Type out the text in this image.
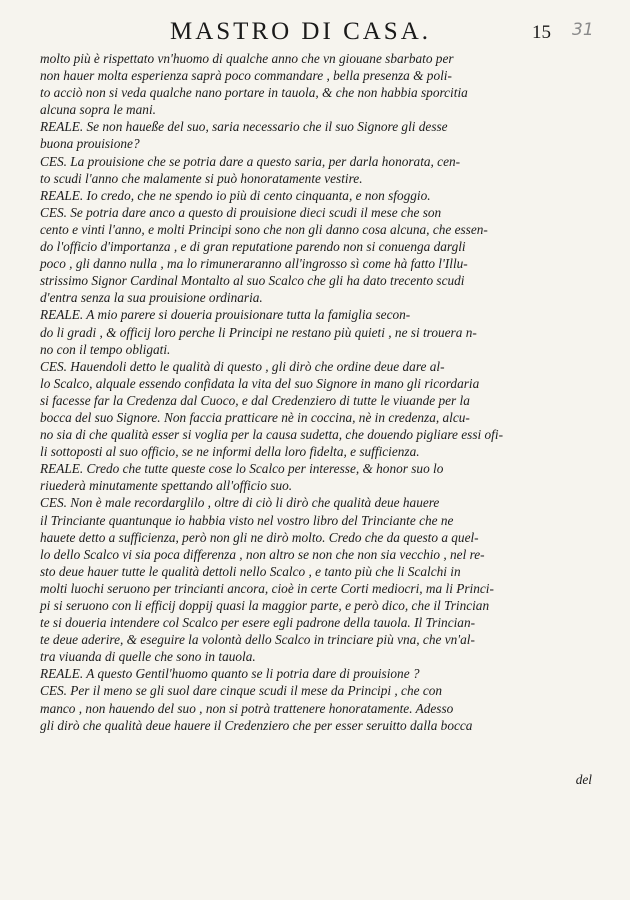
MASTRO DI CASA.	15 31
molto più è rispettato vn'huomo di qualche anno che vn giouane sbarbato per
non hauer molta esperienza saprà poco commandare , bella presenza & poli-
to acciò non si veda qualche nano portare in tauola, & che non habbia sporcitia
alcuna sopra le mani.
REALE. Se non haueße del suo, saria necessario che il suo Signore gli desse
buona prouisione?
CES. La prouisione che se potria dare a questo saria, per darla honorata, cen-
to scudi l'anno che malamente si può honoratamente vestire.
REALE. Io credo, che ne spendo io più di cento cinquanta, e non sfoggio.
CES. Se potria dare anco a questo di prouisione dieci scudi il mese che son
cento e vinti l'anno, e molti Principi sono che non gli danno cosa alcuna, che essen-
do l'officio d'importanza , e di gran reputatione parendo non si conuenga dargli
poco , gli danno nulla , ma lo rimuneraranno all'ingrosso sì come hà fatto l'Illu-
strissimo Signor Cardinal Montalto al suo Scalco che gli ha dato trecento scudi
d'entra senza la sua prouisione ordinaria.
REALE. A mio parere si doueria prouisionare tutta la famiglia secon-
do li gradi , & officij loro perche li Principi ne restano più quieti , ne si trouera n-
no con il tempo obligati.
CES. Hauendoli detto le qualità di questo , gli dirò che ordine deue dare al-
lo Scalco, alquale essendo confidata la vita del suo Signore in mano gli ricordaria
si facesse far la Credenza dal Cuoco, e dal Credenziero di tutte le viuande per la
bocca del suo Signore. Non faccia pratticare nè in coccina, nè in credenza, alcu-
no sia di che qualità esser si voglia per la causa sudetta, che douendo pigliare essi ofi-
li sottoposti al suo officio, se ne informi della loro fidelta, e sufficienza.
REALE. Credo che tutte queste cose lo Scalco per interesse, & honor suo lo
riuederà minutamente spettando all'officio suo.
CES. Non è male recordarglilo , oltre di ciò li dirò che qualità deue hauere
il Trinciante quantunque io habbia visto nel vostro libro del Trinciante che ne
hauete detto a sufficienza, però non gli ne dirò molto. Credo che da questo a quel-
lo dello Scalco vi sia poca differenza , non altro se non che non sia vecchio , nel re-
sto deue hauer tutte le qualità dettoli nello Scalco , e tanto più che li Scalchi in
molti luochi seruono per trincianti ancora, cioè in certe Corti mediocri, ma li Princi-
pi si seruono con li efficij doppij quasi la maggior parte, e però dico, che il Trincian
te si doueria intendere col Scalco per esere egli padrone della tauola. Il Trincian-
te deue aderire, & eseguire la volontà dello Scalco in trinciare più vna, che vn'al-
tra viuanda di quelle che sono in tauola.
REALE. A questo Gentil'huomo quanto se li potria dare di prouisione ?
CES. Per il meno se gli suol dare cinque scudi il mese da Principi , che con
manco , non hauendo del suo , non si potrà trattenere honoratamente. Adesso
gli dirò che qualità deue hauere il Credenziero che per esser seruitto dalla bocca
del
